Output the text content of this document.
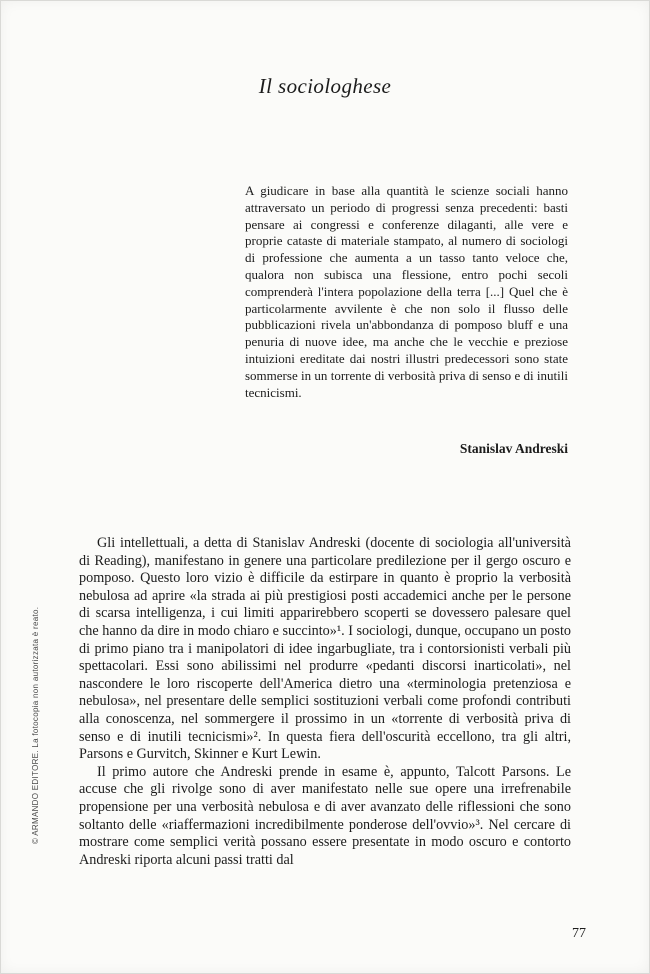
© ARMANDO EDITORE. La fotocopia non autorizzata è reato.
Il sociologhese
A giudicare in base alla quantità le scienze sociali hanno attraversato un periodo di progressi senza precedenti: basti pensare ai congressi e conferenze dilaganti, alle vere e proprie cataste di materiale stampato, al numero di sociologi di professione che aumenta a un tasso tanto veloce che, qualora non subisca una flessione, entro pochi secoli comprenderà l'intera popolazione della terra [...] Quel che è particolarmente avvilente è che non solo il flusso delle pubblicazioni rivela un'abbondanza di pomposo bluff e una penuria di nuove idee, ma anche che le vecchie e preziose intuizioni ereditate dai nostri illustri predecessori sono state sommerse in un torrente di verbosità priva di senso e di inutili tecnicismi.
Stanislav Andreski

Gli intellettuali, a detta di Stanislav Andreski (docente di sociologia all'università di Reading), manifestano in genere una particolare predilezione per il gergo oscuro e pomposo. Questo loro vizio è difficile da estirpare in quanto è proprio la verbosità nebulosa ad aprire «la strada ai più prestigiosi posti accademici anche per le persone di scarsa intelligenza, i cui limiti apparirebbero scoperti se dovessero palesare quel che hanno da dire in modo chiaro e succinto»¹. I sociologi, dunque, occupano un posto di primo piano tra i manipolatori di idee ingarbugliate, tra i contorsionisti verbali più spettacolari. Essi sono abilissimi nel produrre «pedanti discorsi inarticolati», nel nascondere le loro riscoperte dell'America dietro una «terminologia pretenziosa e nebulosa», nel presentare delle semplici sostituzioni verbali come profondi contributi alla conoscenza, nel sommergere il prossimo in un «torrente di verbosità priva di senso e di inutili tecnicismi»². In questa fiera dell'oscurità eccellono, tra gli altri, Parsons e Gurvitch, Skinner e Kurt Lewin.

Il primo autore che Andreski prende in esame è, appunto, Talcott Parsons. Le accuse che gli rivolge sono di aver manifestato nelle sue opere una irrefrenabile propensione per una verbosità nebulosa e di aver avanzato delle riflessioni che sono soltanto delle «riaffermazioni incredibilmente ponderose dell'ovvio»³. Nel cercare di mostrare come semplici verità possano essere presentate in modo oscuro e contorto Andreski riporta alcuni passi tratti dal

77
